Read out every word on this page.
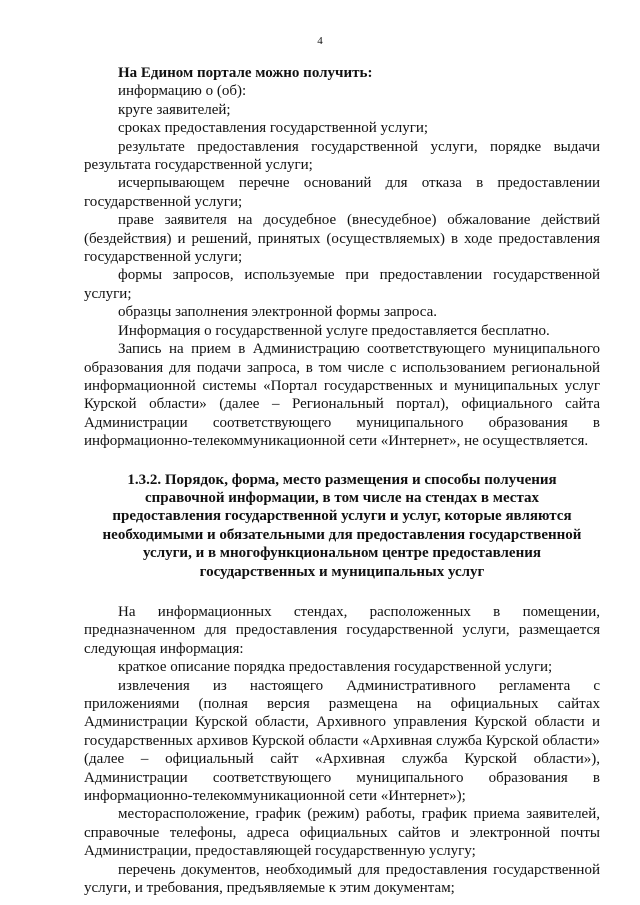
4

На Едином портале можно получить:

информацию о (об):

круге заявителей;

сроках предоставления государственной услуги;

результате предоставления государственной услуги, порядке выдачи результата государственной услуги;

исчерпывающем перечне оснований для отказа в предоставлении государственной услуги;

праве заявителя на досудебное (внесудебное) обжалование действий (бездействия) и решений, принятых (осуществляемых) в ходе предоставления государственной услуги;

формы запросов, используемые при предоставлении государственной услуги;

образцы заполнения электронной формы запроса.

Информация о государственной услуге предоставляется бесплатно.

Запись на прием в Администрацию соответствующего муниципального образования для подачи запроса, в том числе с использованием региональной информационной системы «Портал государственных и муниципальных услуг Курской области» (далее – Региональный портал), официального сайта Администрации соответствующего муниципального образования в информационно-телекоммуникационной сети «Интернет», не осуществляется.

1.3.2. Порядок, форма, место размещения и способы получения справочной информации, в том числе на стендах в местах предоставления государственной услуги и услуг, которые являются необходимыми и обязательными для предоставления государственной услуги, и в многофункциональном центре предоставления государственных и муниципальных услуг

На информационных стендах, расположенных в помещении, предназначенном для предоставления государственной услуги, размещается следующая информация:

краткое описание порядка предоставления государственной услуги;

извлечения из настоящего Административного регламента с приложениями (полная версия размещена на официальных сайтах Администрации Курской области, Архивного управления Курской области и государственных архивов Курской области «Архивная служба Курской области» (далее – официальный сайт «Архивная служба Курской области»), Администрации соответствующего муниципального образования в информационно-телекоммуникационной сети «Интернет»);

месторасположение, график (режим) работы, график приема заявителей, справочные телефоны, адреса официальных сайтов и электронной почты Администрации, предоставляющей государственную услугу;

перечень документов, необходимый для предоставления государственной услуги, и требования, предъявляемые к этим документам;
